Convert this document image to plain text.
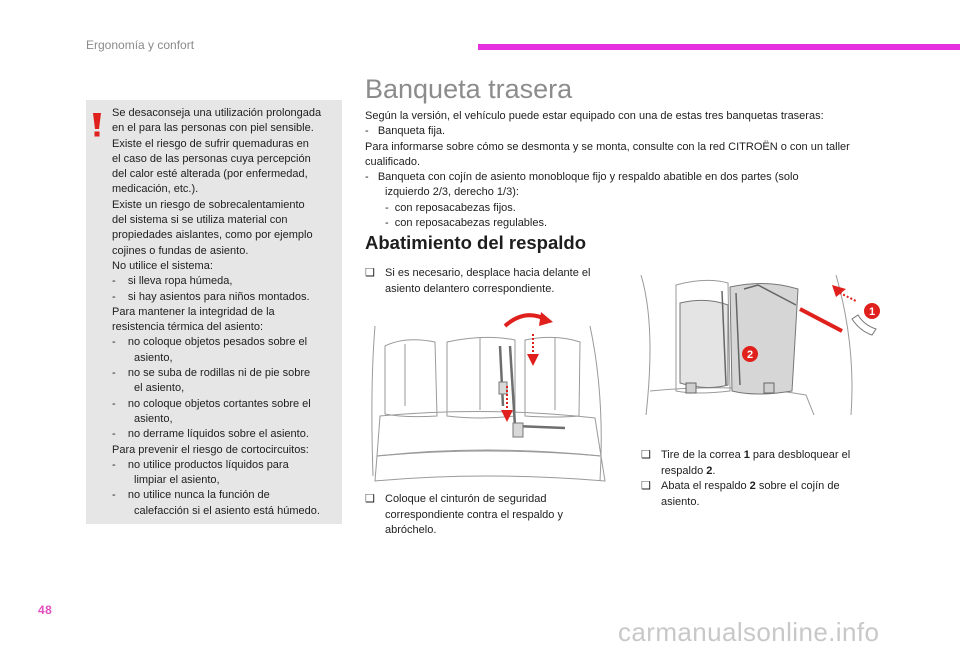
Ergonomía y confort
Se desaconseja una utilización prolongada
en el para las personas con piel sensible.
Existe el riesgo de sufrir quemaduras en
el caso de las personas cuya percepción
del calor esté alterada (por enfermedad,
medicación, etc.).
Existe un riesgo de sobrecalentamiento
del sistema si se utiliza material con
propiedades aislantes, como por ejemplo
cojines o fundas de asiento.
No utilice el sistema:
-    si lleva ropa húmeda,
-    si hay asientos para niños montados.
Para mantener la integridad de la
resistencia térmica del asiento:
-    no coloque objetos pesados sobre el
asiento,
-    no se suba de rodillas ni de pie sobre
el asiento,
-    no coloque objetos cortantes sobre el
asiento,
-    no derrame líquidos sobre el asiento.
Para prevenir el riesgo de cortocircuitos:
-    no utilice productos líquidos para
limpiar el asiento,
-    no utilice nunca la función de
calefacción si el asiento está húmedo.
Banqueta trasera
Según la versión, el vehículo puede estar equipado con una de estas tres banquetas traseras:
-   Banqueta fija.
Para informarse sobre cómo se desmonta y se monta, consulte con la red CITROËN o con un taller
cualificado.
-   Banqueta con cojín de asiento monobloque fijo y respaldo abatible en dos partes (solo
izquierdo 2/3, derecho 1/3):
-  con reposacabezas fijos.
-  con reposacabezas regulables.
Abatimiento del respaldo
❑ Si es necesario, desplace hacia delante el
asiento delantero correspondiente.
❑ Coloque el cinturón de seguridad
correspondiente contra el respaldo y
abróchelo.
1
2
❑ Tire de la correa 1 para desbloquear el
respaldo 2.
❑ Abata el respaldo 2 sobre el cojín de
asiento.
48
carmanualsonline.info
